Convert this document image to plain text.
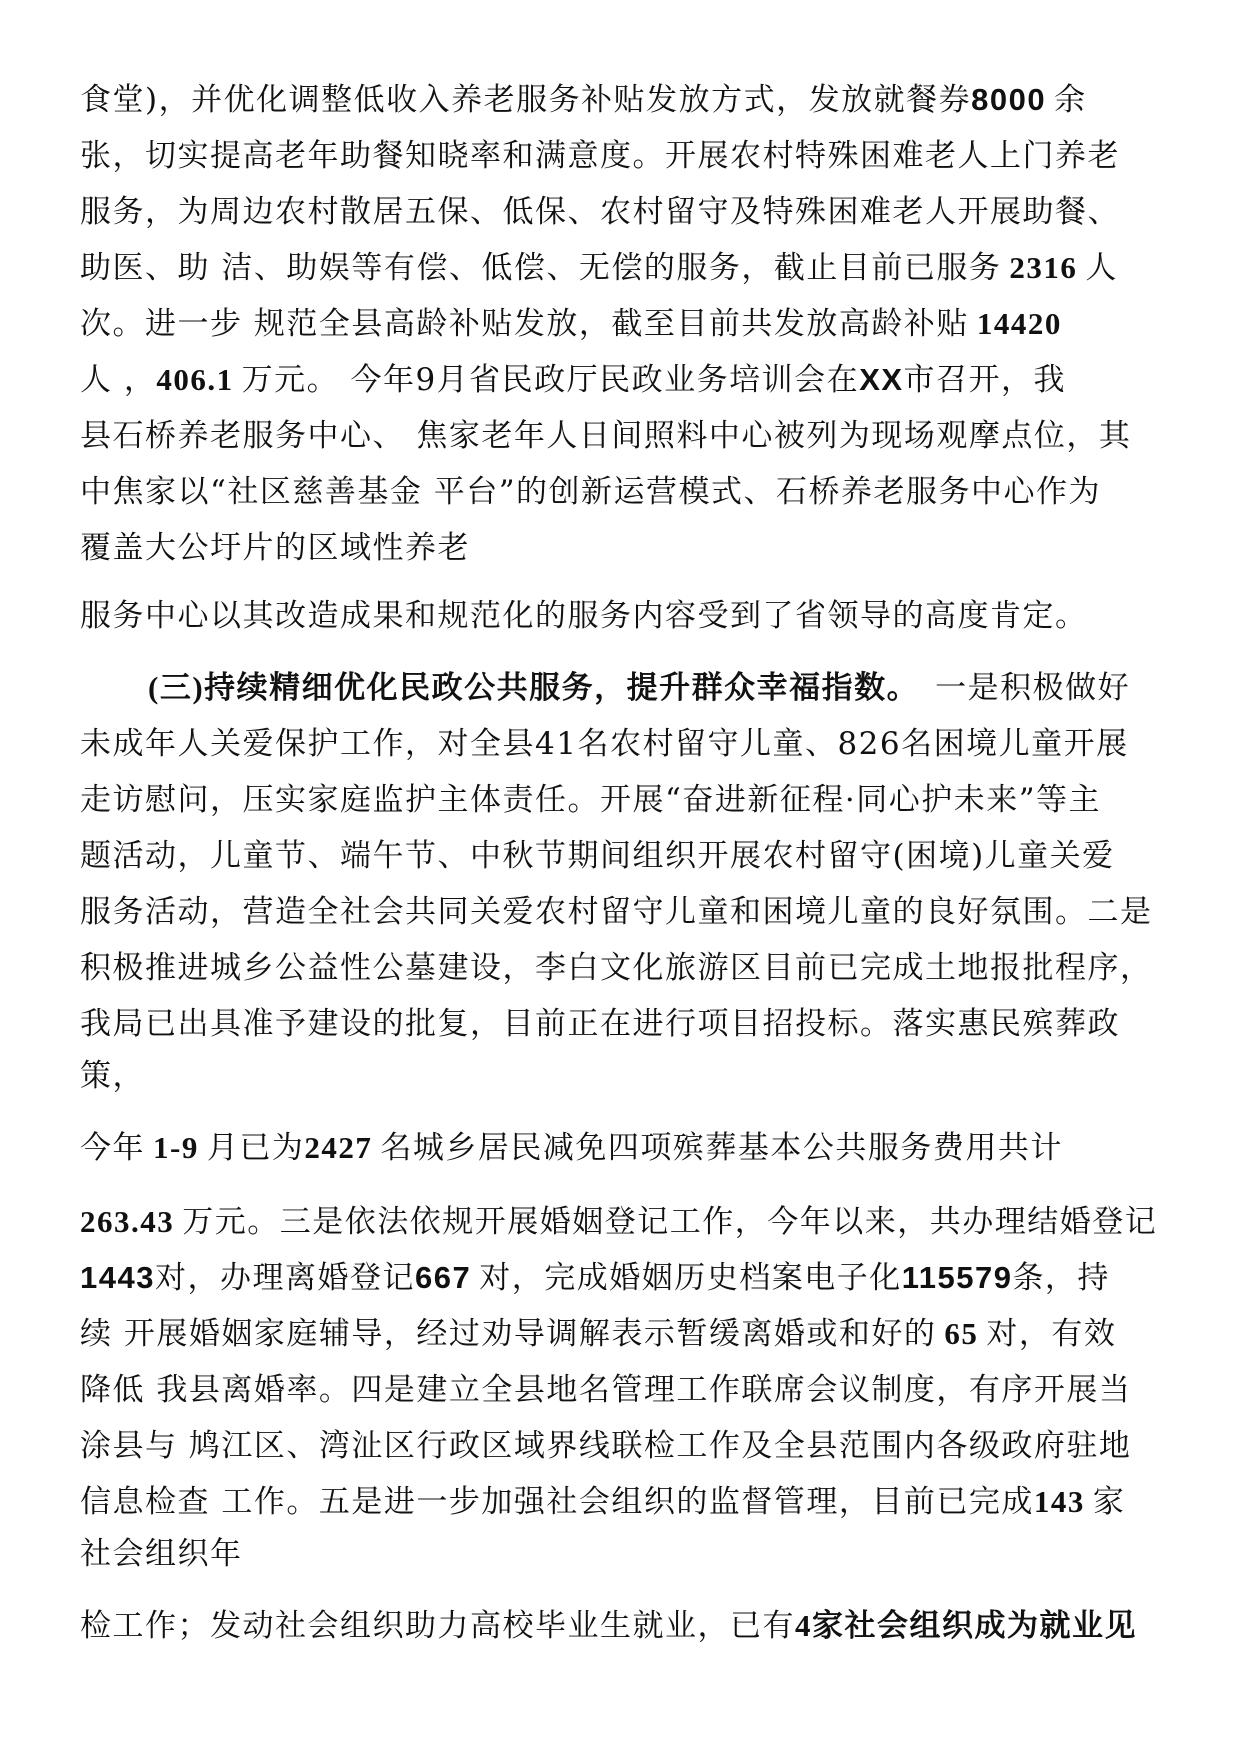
食堂)，并优化调整低收入养老服务补贴发放方式，发放就餐券8000 余

张，切实提高老年助餐知晓率和满意度。开展农村特殊困难老人上门养老

服务，为周边农村散居五保、低保、农村留守及特殊困难老人开展助餐、

助医、助 洁、助娱等有偿、低偿、无偿的服务，截止目前已服务 2316 人

次。进一步 规范全县高龄补贴发放，截至目前共发放高龄补贴 14420

人 ，406.1 万元。 今年9月省民政厅民政业务培训会在XX市召开，我

县石桥养老服务中心、 焦家老年人日间照料中心被列为现场观摩点位，其

中焦家以“社区慈善基金 平台”的创新运营模式、石桥养老服务中心作为

覆盖大公圩片的区域性养老

服务中心以其改造成果和规范化的服务内容受到了省领导的高度肯定。

(三)持续精细优化民政公共服务，提升群众幸福指数。 一是积极做好

未成年人关爱保护工作，对全县41名农村留守儿童、826名困境儿童开展

走访慰问，压实家庭监护主体责任。开展“奋进新征程·同心护未来”等主

题活动，儿童节、端午节、中秋节期间组织开展农村留守(困境)儿童关爱

服务活动，营造全社会共同关爱农村留守儿童和困境儿童的良好氛围。二是

积极推进城乡公益性公墓建设，李白文化旅游区目前已完成土地报批程序，

我局已出具准予建设的批复，目前正在进行项目招投标。落实惠民殡葬政

策，

今年 1-9 月已为2427 名城乡居民减免四项殡葬基本公共服务费用共计

263.43 万元。三是依法依规开展婚姻登记工作，今年以来，共办理结婚登记

1443对，办理离婚登记667 对，完成婚姻历史档案电子化115579条，持

续 开展婚姻家庭辅导，经过劝导调解表示暂缓离婚或和好的 65 对，有效

降低 我县离婚率。四是建立全县地名管理工作联席会议制度，有序开展当

涂县与 鸠江区、湾沚区行政区域界线联检工作及全县范围内各级政府驻地

信息检查 工作。五是进一步加强社会组织的监督管理，目前已完成143 家

社会组织年

检工作；发动社会组织助力高校毕业生就业，已有4家社会组织成为就业见
